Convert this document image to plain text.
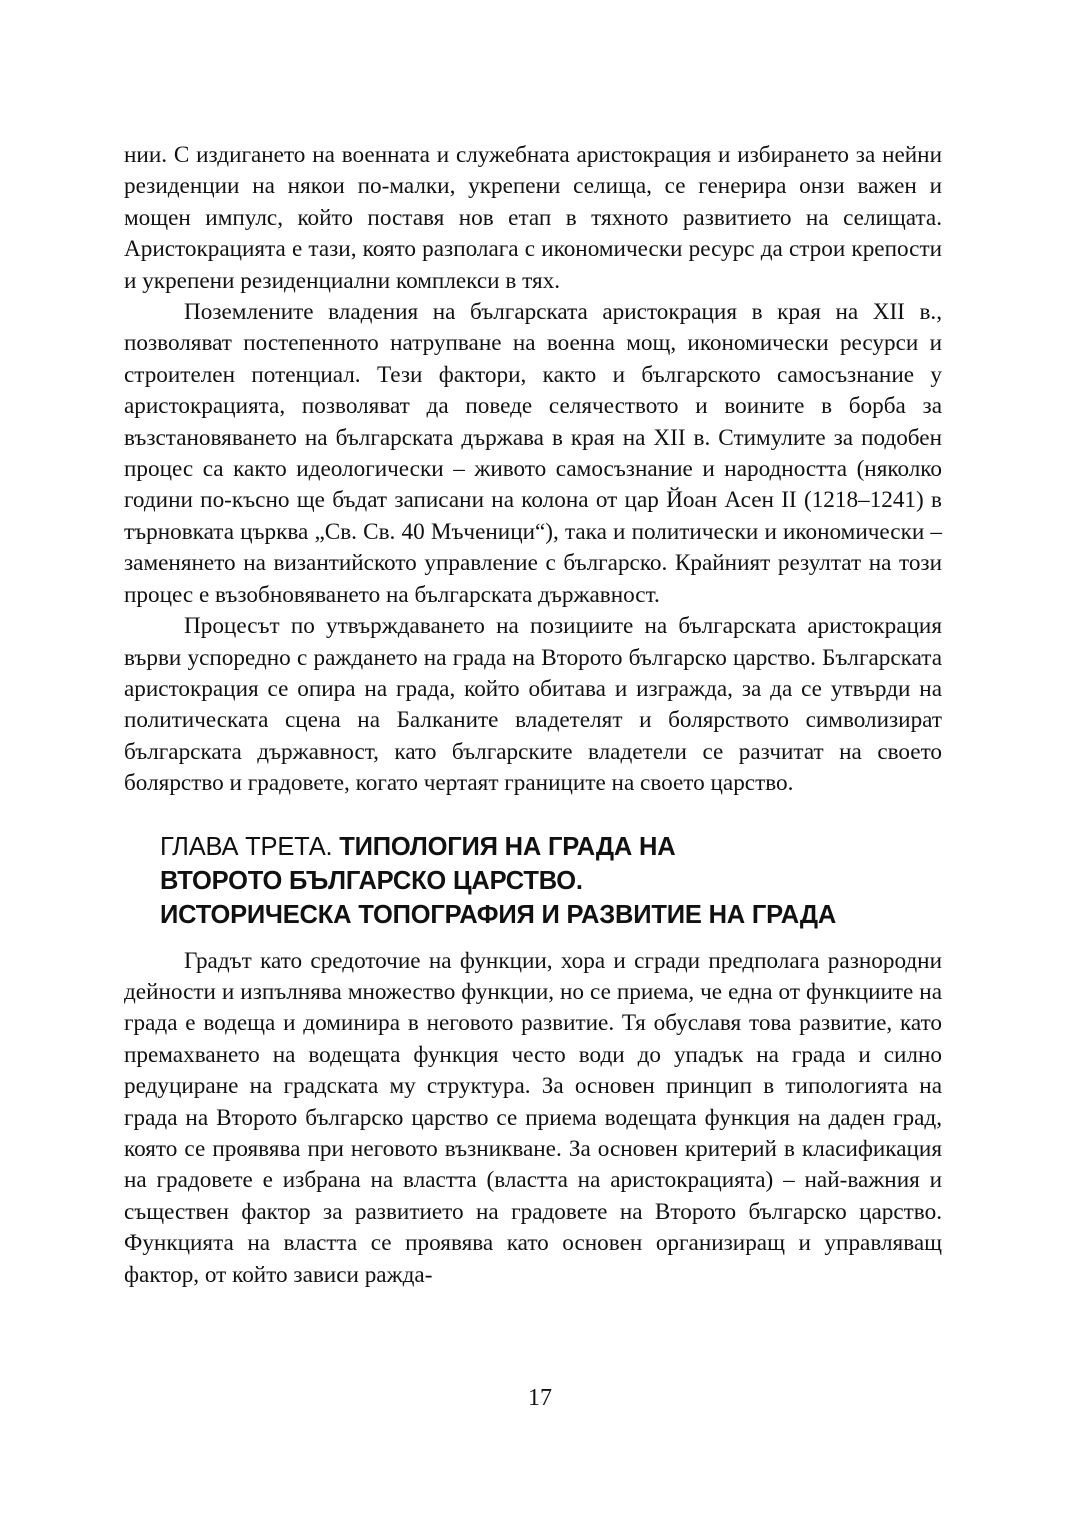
нии. С издигането на военната и служебната аристокрация и избирането за нейни резиденции на някои по-малки, укрепени селища, се генерира онзи важен и мощен импулс, който поставя нов етап в тяхното развитието на селищата. Аристокрацията е тази, която разполага с икономически ресурс да строи крепости и укрепени резиденциални комплекси в тях.

Поземлените владения на българската аристокрация в края на XII в., позволяват постепенното натрупване на военна мощ, икономически ресурси и строителен потенциал. Тези фактори, както и българското самосъзнание у аристокрацията, позволяват да поведе селячеството и воините в борба за възстановяването на българската държава в края на XII в. Стимулите за подобен процес са както идеологически – живото самосъзнание и народността (няколко години по-късно ще бъдат записани на колона от цар Йоан Асен II (1218–1241) в търновката църква „Св. Св. 40 Мъченици“), така и политически и икономически – заменянето на византийското управление с българско. Крайният резултат на този процес е възобновяването на българската държавност.

Процесът по утвърждаването на позициите на българската аристокрация върви успоредно с раждането на града на Второто българско царство. Българската аристокрация се опира на града, който обитава и изгражда, за да се утвърди на политическата сцена на Балканите владетелят и болярството символизират българската държавност, като българските владетели се разчитат на своето болярство и градовете, когато чертаят границите на своето царство.

ГЛАВА ТРЕТА. ТИПОЛОГИЯ НА ГРАДА НА
ВТОРОТО БЪЛГАРСКО ЦАРСТВО.
ИСТОРИЧЕСКА ТОПОГРАФИЯ И РАЗВИТИЕ НА ГРАДА

Градът като средоточие на функции, хора и сгради предполага разнородни дейности и изпълнява множество функции, но се приема, че една от функциите на града е водеща и доминира в неговото развитие. Тя обуславя това развитие, като премахването на водещата функция често води до упадък на града и силно редуциране на градската му структура. За основен принцип в типологията на града на Второто българско царство се приема водещата функция на даден град, която се проявява при неговото възникване. За основен критерий в класификация на градовете е избрана на властта (властта на аристокрацията) – най-важния и съществен фактор за развитието на градовете на Второто българско царство. Функцията на властта се проявява като основен организиращ и управляващ фактор, от който зависи ражда-

17
